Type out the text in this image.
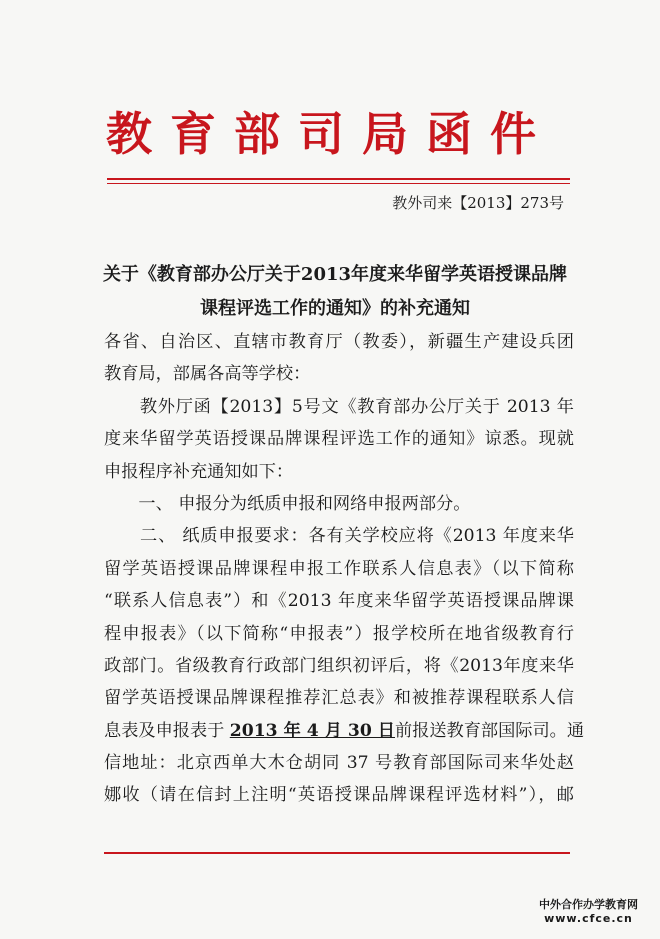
教育部司局函件
教外司来【2013】273号
关于《教育部办公厅关于2013年度来华留学英语授课品牌
课程评选工作的通知》的补充通知
各省、自治区、直辖市教育厅（教委），新疆生产建设兵团
教育局，部属各高等学校：
　　教外厅函【2013】5号文《教育部办公厅关于 2013 年
度来华留学英语授课品牌课程评选工作的通知》谅悉。现就
申报程序补充通知如下：
　　一、 申报分为纸质申报和网络申报两部分。
　　二、 纸质申报要求：各有关学校应将《2013 年度来华
留学英语授课品牌课程申报工作联系人信息表》（以下简称
“联系人信息表”）和《2013 年度来华留学英语授课品牌课
程申报表》（以下简称“申报表”）报学校所在地省级教育行
政部门。省级教育行政部门组织初评后，将《2013年度来华
留学英语授课品牌课程推荐汇总表》和被推荐课程联系人信
息表及申报表于 2013 年 4 月 30 日前报送教育部国际司。通
信地址：北京西单大木仓胡同 37 号教育部国际司来华处赵
娜收（请在信封上注明“英语授课品牌课程评选材料”），邮
中外合作办学教育网
www.cfce.cn
